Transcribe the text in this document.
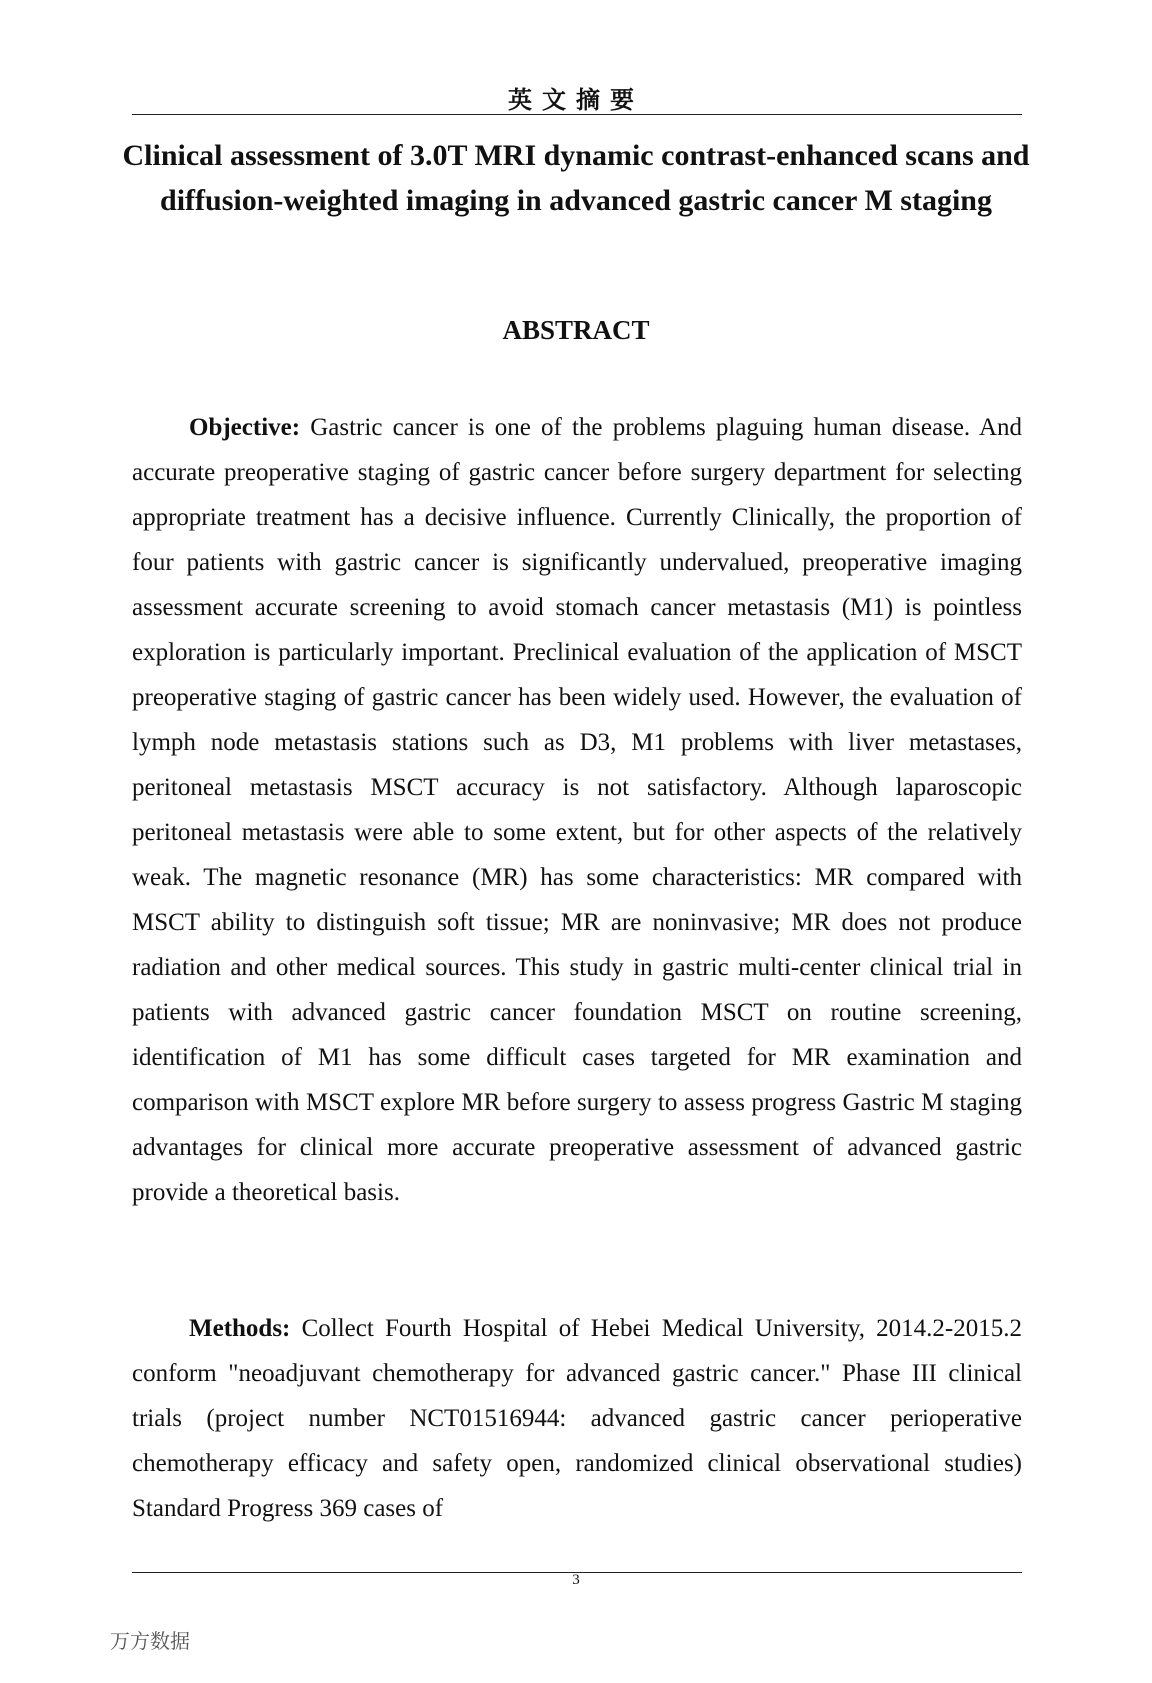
英文摘要
Clinical assessment of 3.0T MRI dynamic contrast-enhanced scans and diffusion-weighted imaging in advanced gastric cancer M staging
ABSTRACT

Objective: Gastric cancer is one of the problems plaguing human disease. And accurate preoperative staging of gastric cancer before surgery department for selecting appropriate treatment has a decisive influence. Currently Clinically, the proportion of four patients with gastric cancer is significantly undervalued, preoperative imaging assessment accurate screening to avoid stomach cancer metastasis (M1) is pointless exploration is particularly important. Preclinical evaluation of the application of MSCT preoperative staging of gastric cancer has been widely used. However, the evaluation of lymph node metastasis stations such as D3, M1 problems with liver metastases, peritoneal metastasis MSCT accuracy is not satisfactory. Although laparoscopic peritoneal metastasis were able to some extent, but for other aspects of the relatively weak. The magnetic resonance (MR) has some characteristics: MR compared with MSCT ability to distinguish soft tissue; MR are noninvasive; MR does not produce radiation and other medical sources. This study in gastric multi-center clinical trial in patients with advanced gastric cancer foundation MSCT on routine screening, identification of M1 has some difficult cases targeted for MR examination and comparison with MSCT explore MR before surgery to assess progress Gastric M staging advantages for clinical more accurate preoperative assessment of advanced gastric provide a theoretical basis.

Methods: Collect Fourth Hospital of Hebei Medical University, 2014.2-2015.2 conform "neoadjuvant chemotherapy for advanced gastric cancer." Phase III clinical trials (project number NCT01516944: advanced gastric cancer perioperative chemotherapy efficacy and safety open, randomized clinical observational studies) Standard Progress 369 cases of

3
万方数据
